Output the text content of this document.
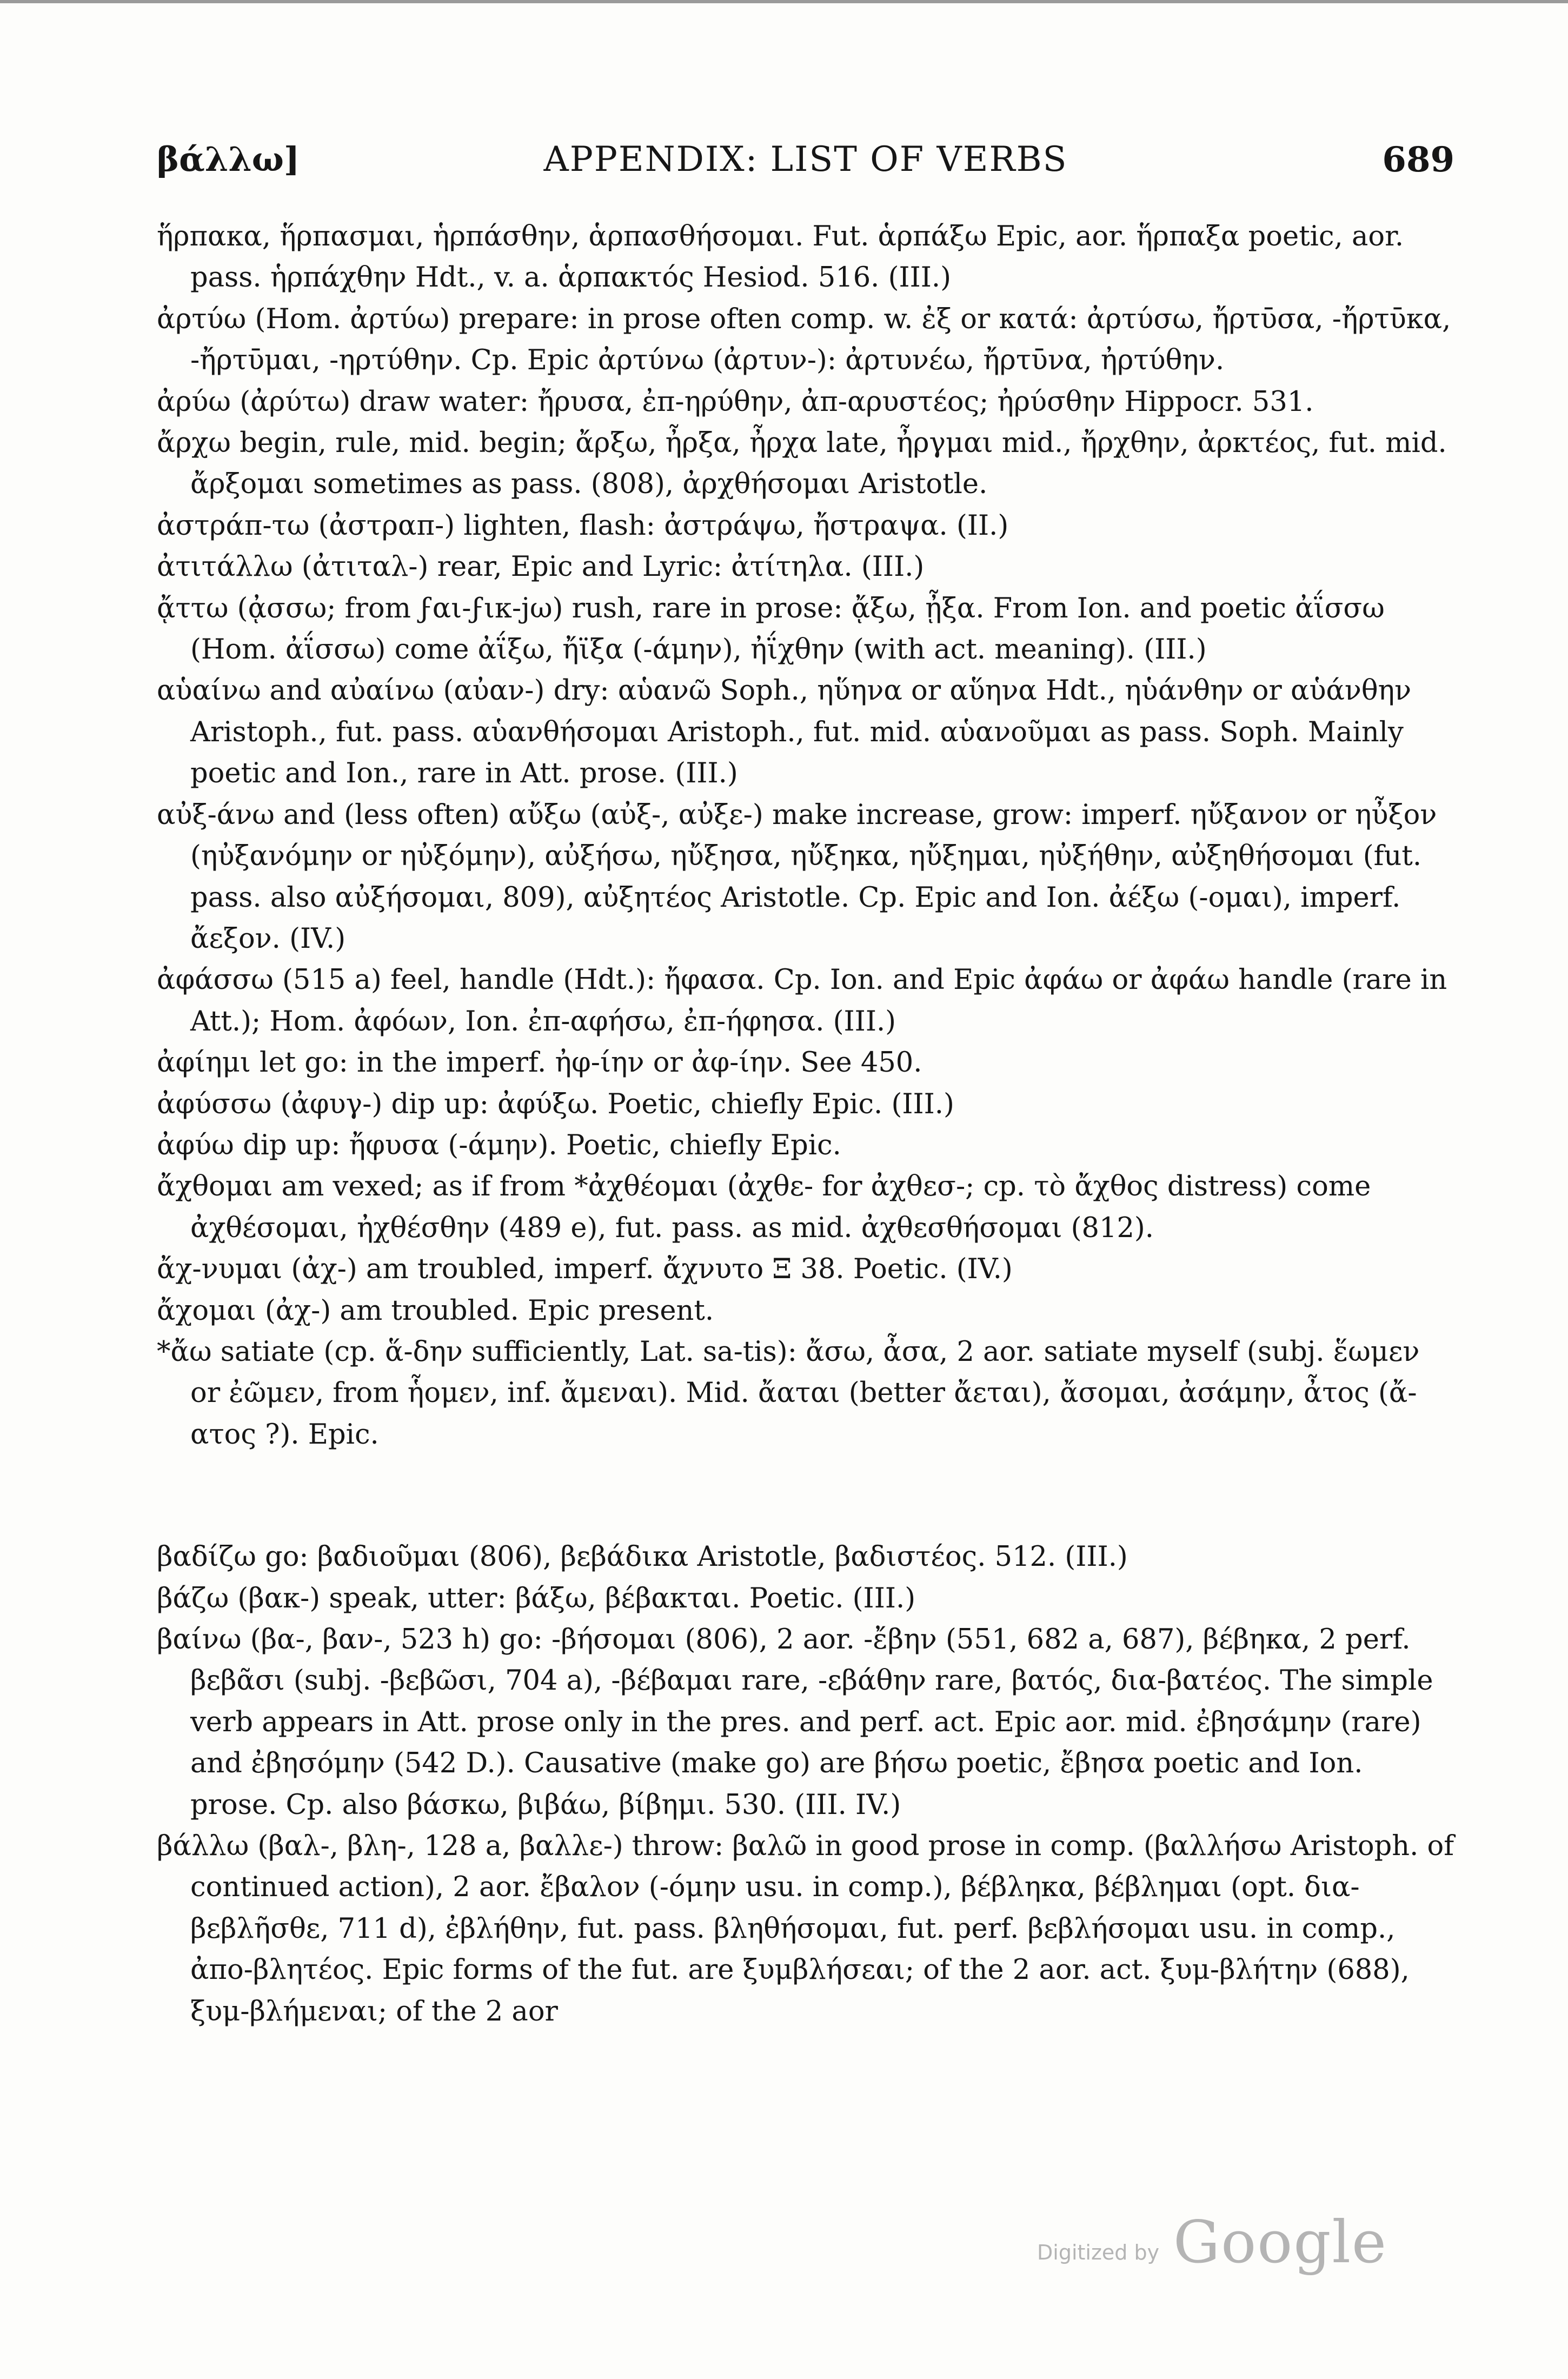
βάλλω]	APPENDIX: LIST OF VERBS	689

ἥρπακα, ἥρπασμαι, ἡρπάσθην, ἁρπασθήσομαι. Fut. ἁρπάξω Epic, aor. ἥρπαξα poetic, aor. pass. ἡρπάχθην Hdt., v. a. ἁρπακτός Hesiod. 516. (III.)

ἀρτύω (Hom. ἀρτύω) prepare: in prose often comp. w. ἐξ or κατά: ἀρτύσω, ἤρτῡσα, -ἤρτῡκα, -ἤρτῡμαι, -ηρτύθην. Cp. Epic ἀρτύνω (ἀρτυν-): ἀρτυνέω, ἤρτῡνα, ἠρτύθην.

ἀρύω (ἀρύτω) draw water: ἤρυσα, ἐπ-ηρύθην, ἀπ-αρυστέος; ἠρύσθην Hippocr. 531.

ἄρχω begin, rule, mid. begin; ἄρξω, ἦρξα, ἦρχα late, ἦργμαι mid., ἤρχθην, ἀρκτέος, fut. mid. ἄρξομαι sometimes as pass. (808), ἀρχθήσομαι Aristotle.

ἀστράπ-τω (ἀστραπ-) lighten, flash: ἀστράψω, ἤστραψα. (II.)

ἀτιτάλλω (ἀτιταλ-) rear, Epic and Lyric: ἀτίτηλα. (III.)

ᾄττω (ᾀσσω; from ϝαι-ϝικ-ϳω) rush, rare in prose: ᾄξω, ᾖξα. From Ion. and poetic ἀΐσσω (Hom. ἀΐσσω) come ἀΐξω, ἤϊξα (-άμην), ἠΐχθην (with act. meaning). (III.)

αὑαίνω and αὐαίνω (αὐαν-) dry: αὑανῶ Soph., ηὕηνα or αὕηνα Hdt., ηὑάνθην or αὑάνθην Aristoph., fut. pass. αὑανθήσομαι Aristoph., fut. mid. αὑανοῦμαι as pass. Soph. Mainly poetic and Ion., rare in Att. prose. (III.)

αὐξ-άνω and (less often) αὔξω (αὐξ-, αὐξε-) make increase, grow: imperf. ηὔξανον or ηὖξον (ηὐξανόμην or ηὐξόμην), αὐξήσω, ηὔξησα, ηὔξηκα, ηὔξημαι, ηὐξήθην, αὐξηθήσομαι (fut. pass. also αὐξήσομαι, 809), αὐξητέος Aristotle. Cp. Epic and Ion. ἀέξω (-ομαι), imperf. ἄεξον. (IV.)

ἀφάσσω (515 a) feel, handle (Hdt.): ἤφασα. Cp. Ion. and Epic ἀφάω or ἀφάω handle (rare in Att.); Hom. ἀφόων, Ion. ἐπ-αφήσω, ἐπ-ήφησα. (III.)

ἀφίημι let go: in the imperf. ἠφ-ίην or ἀφ-ίην. See 450.

ἀφύσσω (ἀφυγ-) dip up: ἀφύξω. Poetic, chiefly Epic. (III.)

ἀφύω dip up: ἤφυσα (-άμην). Poetic, chiefly Epic.

ἄχθομαι am vexed; as if from *ἀχθέομαι (ἀχθε- for ἀχθεσ-; cp. τὸ ἄχθος distress) come ἀχθέσομαι, ἠχθέσθην (489 e), fut. pass. as mid. ἀχθεσθήσομαι (812).

ἄχ-νυμαι (ἀχ-) am troubled, imperf. ἄχνυτο Ξ 38. Poetic. (IV.)

ἄχομαι (ἀχ-) am troubled. Epic present.

*ἄω satiate (cp. ἅ-δην sufficiently, Lat. sa-tis): ἄσω, ἆσα, 2 aor. satiate myself (subj. ἕωμεν or ἐῶμεν, from ἧομεν, inf. ἄμεναι). Mid. ἄαται (better ἄεται), ἄσομαι, ἀσάμην, ἆτος (ἄ-ατος ?). Epic.

βαδίζω go: βαδιοῦμαι (806), βεβάδικα Aristotle, βαδιστέος. 512. (III.)

βάζω (βακ-) speak, utter: βάξω, βέβακται. Poetic. (III.)

βαίνω (βα-, βαν-, 523 h) go: -βήσομαι (806), 2 aor. -ἔβην (551, 682 a, 687), βέβηκα, 2 perf. βεβᾶσι (subj. -βεβῶσι, 704 a), -βέβαμαι rare, -εβάθην rare, βατός, δια-βατέος. The simple verb appears in Att. prose only in the pres. and perf. act. Epic aor. mid. ἐβησάμην (rare) and ἐβησόμην (542 D.). Causative (make go) are βήσω poetic, ἔβησα poetic and Ion. prose. Cp. also βάσκω, βιβάω, βίβημι. 530. (III. IV.)

βάλλω (βαλ-, βλη-, 128 a, βαλλε-) throw: βαλῶ in good prose in comp. (βαλλήσω Aristoph. of continued action), 2 aor. ἔβαλον (-όμην usu. in comp.), βέβληκα, βέβλημαι (opt. δια-βεβλῆσθε, 711 d), ἐβλήθην, fut. pass. βληθήσομαι, fut. perf. βεβλήσομαι usu. in comp., ἀπο-βλητέος. Epic forms of the fut. are ξυμβλήσεαι; of the 2 aor. act. ξυμ-βλήτην (688), ξυμ-βλήμεναι; of the 2 aor

Digitized by Google
